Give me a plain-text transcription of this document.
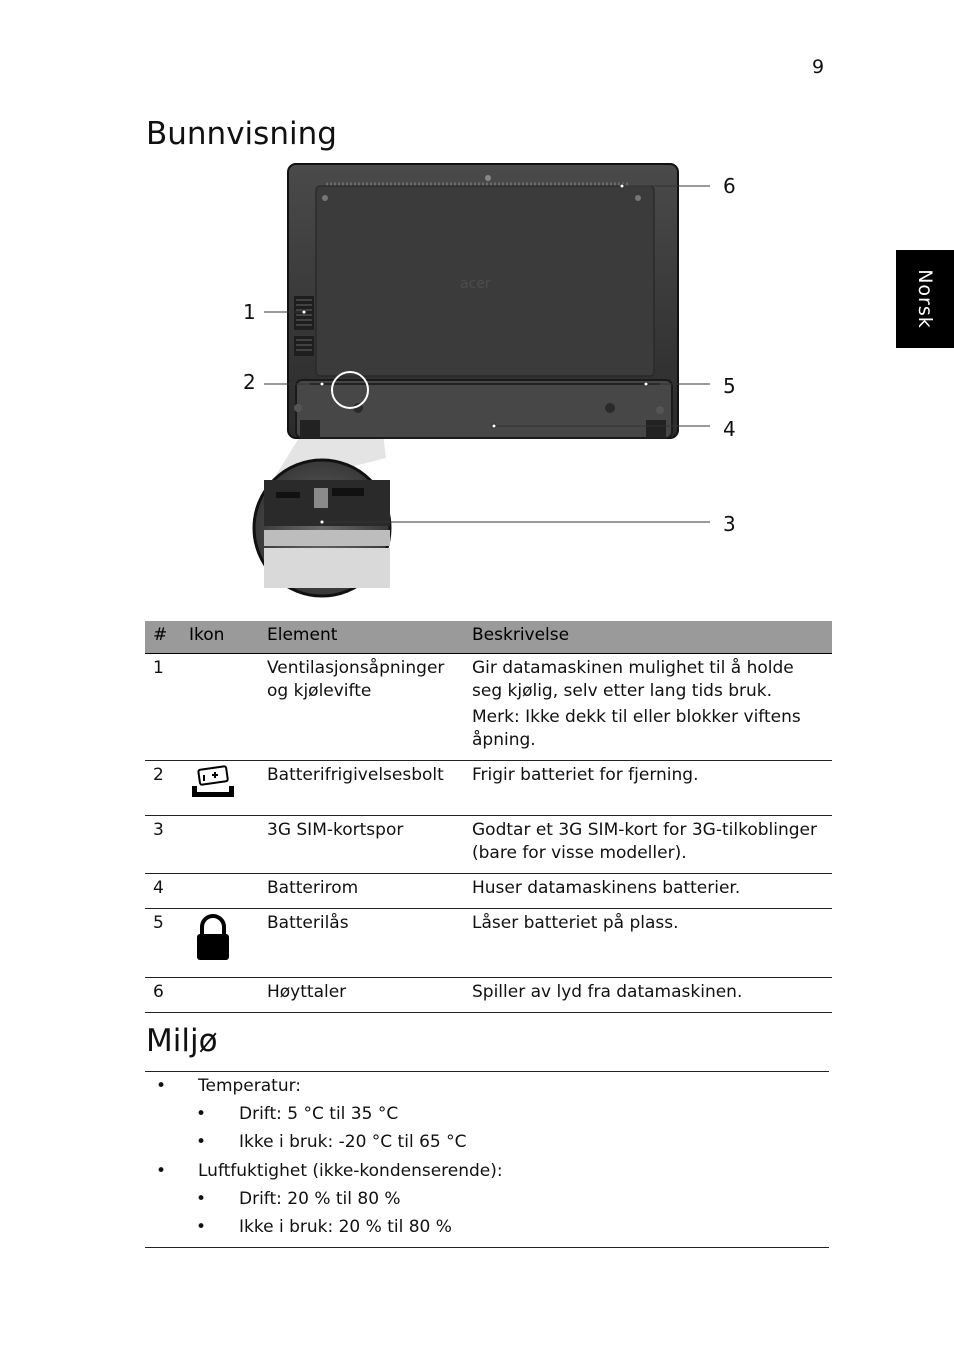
9
Norsk
Bunnvisning
acer
1
2
3
4
5
6
#	Ikon	Element	Beskrivelse
1		Ventilasjonsåpninger og kjølevifte	Gir datamaskinen mulighet til å holde seg kjølig, selv etter lang tids bruk.
Merk: Ikke dekk til eller blokker viftens åpning.

2		Batterifrigivelsesbolt	Frigir batteriet for fjerning.
3		3G SIM-kortspor	Godtar et 3G SIM-kort for 3G-tilkoblinger (bare for visse modeller).
4		Batterirom	Huser datamaskinens batterier.
5		Batterilås	Låser batteriet på plass.
6		Høyttaler	Spiller av lyd fra datamaskinen.
Miljø
• Temperatur:
• Drift: 5 °C til 35 °C
• Ikke i bruk: -20 °C til 65 °C
• Luftfuktighet (ikke-kondenserende):
• Drift: 20 % til 80 %
• Ikke i bruk: 20 % til 80 %
